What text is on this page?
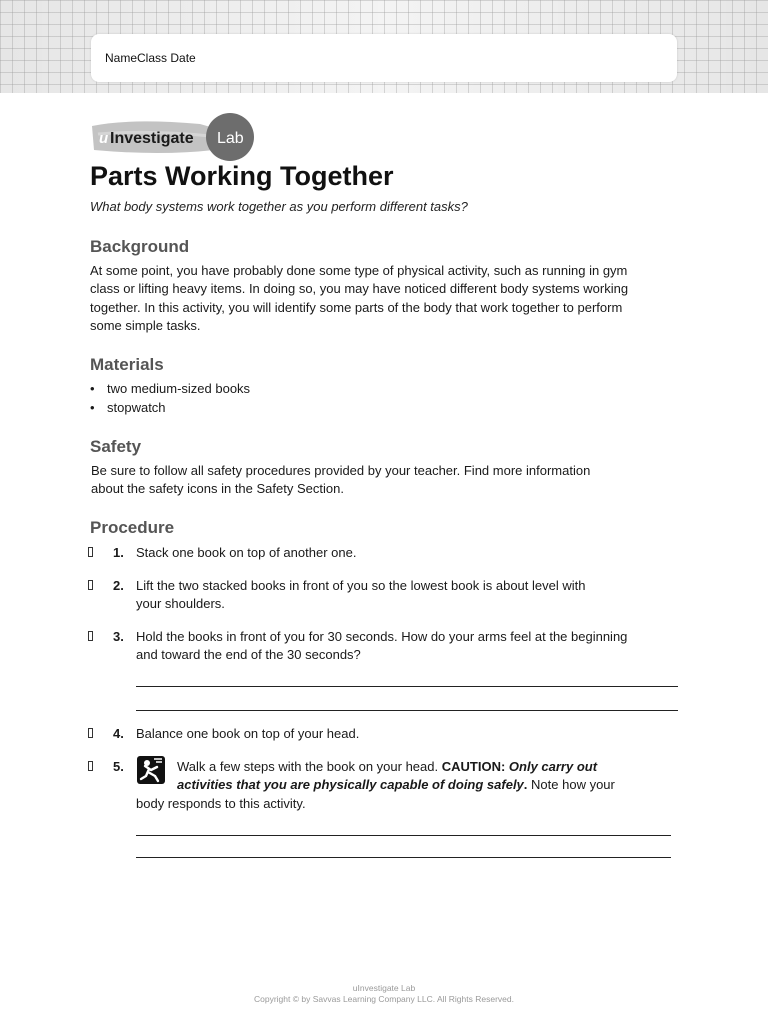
NameClass Date
u Investigate Lab
Parts Working Together
What body systems work together as you perform different tasks?
Background
At some point, you have probably done some type of physical activity, such as running in gym
class or lifting heavy items. In doing so, you may have noticed different body systems working
together. In this activity, you will identify some parts of the body that work together to perform
some simple tasks.
Materials
• two medium-sized books
• stopwatch
Safety
Be sure to follow all safety procedures provided by your teacher. Find more information
about the safety icons in the Safety Section.
Procedure
1. Stack one book on top of another one.
2. Lift the two stacked books in front of you so the lowest book is about level with
your shoulders.
3. Hold the books in front of you for 30 seconds. How do your arms feel at the beginning
and toward the end of the 30 seconds?
4. Balance one book on top of your head.
5.	Walk a few steps with the book on your head. CAUTION: Only carry out
activities that you are physically capable of doing safely. Note how your
body responds to this activity.
uInvestigate Lab
Copyright © by Savvas Learning Company LLC. All Rights Reserved.
